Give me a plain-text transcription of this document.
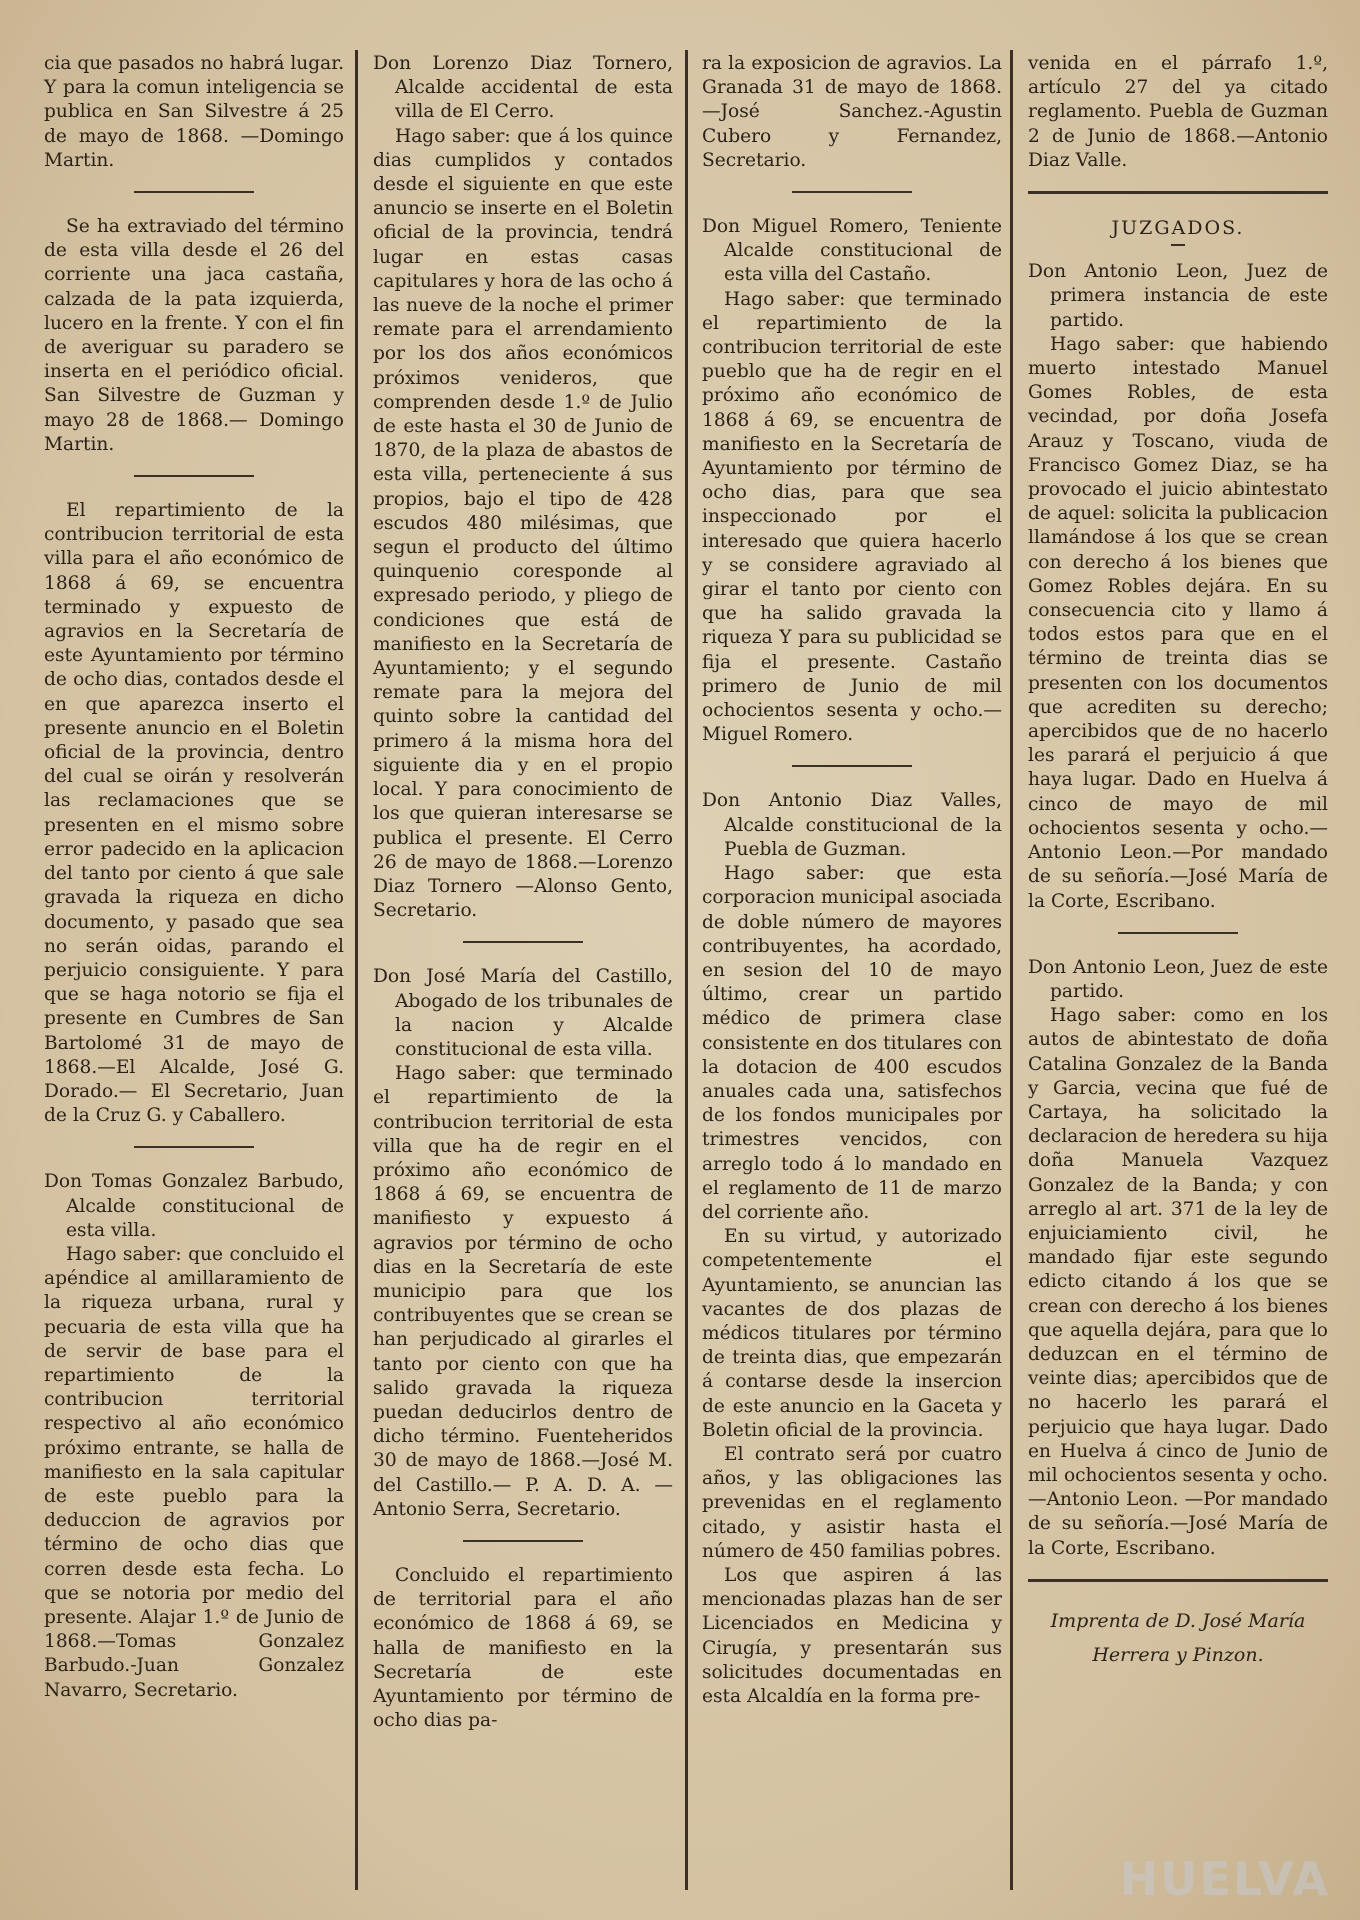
cia que pasados no habrá lugar. Y para la comun inteligencia se publica en San Silvestre á 25 de mayo de 1868. —Domingo Martin.

Se ha extraviado del término de esta villa desde el 26 del corriente una jaca castaña, calzada de la pata izquierda, lucero en la frente. Y con el fin de averiguar su paradero se inserta en el periódico oficial. San Silvestre de Guzman y mayo 28 de 1868.— Domingo Martin.

El repartimiento de la contribucion territorial de esta villa para el año económico de 1868 á 69, se encuentra terminado y expuesto de agravios en la Secretaría de este Ayuntamiento por término de ocho dias, contados desde el en que aparezca inserto el presente anuncio en el Boletin oficial de la provincia, dentro del cual se oirán y resolverán las reclamaciones que se presenten en el mismo sobre error padecido en la aplicacion del tanto por ciento á que sale gravada la riqueza en dicho documento, y pasado que sea no serán oidas, parando el perjuicio consiguiente. Y para que se haga notorio se fija el presente en Cumbres de San Bartolomé 31 de mayo de 1868.—El Alcalde, José G. Dorado.— El Secretario, Juan de la Cruz G. y Caballero.

Don Tomas Gonzalez Barbudo, Alcalde constitucional de esta villa.

Hago saber: que concluido el apéndice al amillaramiento de la riqueza urbana, rural y pecuaria de esta villa que ha de servir de base para el repartimiento de la contribucion territorial respectivo al año económico próximo entrante, se halla de manifiesto en la sala capitular de este pueblo para la deduccion de agravios por término de ocho dias que corren desde esta fecha. Lo que se notoria por medio del presente. Alajar 1.º de Junio de 1868.—Tomas Gonzalez Barbudo.-Juan Gonzalez Navarro, Secretario.

Don Lorenzo Diaz Tornero, Alcalde accidental de esta villa de El Cerro.

Hago saber: que á los quince dias cumplidos y contados desde el siguiente en que este anuncio se inserte en el Boletin oficial de la provincia, tendrá lugar en estas casas capitulares y hora de las ocho á las nueve de la noche el primer remate para el arrendamiento por los dos años económicos próximos venideros, que comprenden desde 1.º de Julio de este hasta el 30 de Junio de 1870, de la plaza de abastos de esta villa, perteneciente á sus propios, bajo el tipo de 428 escudos 480 milésimas, que segun el producto del último quinquenio coresponde al expresado periodo, y pliego de condiciones que está de manifiesto en la Secretaría de Ayuntamiento; y el segundo remate para la mejora del quinto sobre la cantidad del primero á la misma hora del siguiente dia y en el propio local. Y para conocimiento de los que quieran interesarse se publica el presente. El Cerro 26 de mayo de 1868.—Lorenzo Diaz Tornero —Alonso Gento, Secretario.

Don José María del Castillo, Abogado de los tribunales de la nacion y Alcalde constitucional de esta villa.

Hago saber: que terminado el repartimiento de la contribucion territorial de esta villa que ha de regir en el próximo año económico de 1868 á 69, se encuentra de manifiesto y expuesto á agravios por término de ocho dias en la Secretaría de este municipio para que los contribuyentes que se crean se han perjudicado al girarles el tanto por ciento con que ha salido gravada la riqueza puedan deducirlos dentro de dicho término. Fuenteheridos 30 de mayo de 1868.—José M. del Castillo.— P. A. D. A. —Antonio Serra, Secretario.

Concluido el repartimiento de territorial para el año económico de 1868 á 69, se halla de manifiesto en la Secretaría de este Ayuntamiento por término de ocho dias pa-

ra la exposicion de agravios. La Granada 31 de mayo de 1868.—José Sanchez.-Agustin Cubero y Fernandez, Secretario.

Don Miguel Romero, Teniente Alcalde constitucional de esta villa del Castaño.

Hago saber: que terminado el repartimiento de la contribucion territorial de este pueblo que ha de regir en el próximo año económico de 1868 á 69, se encuentra de manifiesto en la Secretaría de Ayuntamiento por término de ocho dias, para que sea inspeccionado por el interesado que quiera hacerlo y se considere agraviado al girar el tanto por ciento con que ha salido gravada la riqueza Y para su publicidad se fija el presente. Castaño primero de Junio de mil ochocientos sesenta y ocho.—Miguel Romero.

Don Antonio Diaz Valles, Alcalde constitucional de la Puebla de Guzman.

Hago saber: que esta corporacion municipal asociada de doble número de mayores contribuyentes, ha acordado, en sesion del 10 de mayo último, crear un partido médico de primera clase consistente en dos titulares con la dotacion de 400 escudos anuales cada una, satisfechos de los fondos municipales por trimestres vencidos, con arreglo todo á lo mandado en el reglamento de 11 de marzo del corriente año.

En su virtud, y autorizado competentemente el Ayuntamiento, se anuncian las vacantes de dos plazas de médicos titulares por término de treinta dias, que empezarán á contarse desde la insercion de este anuncio en la Gaceta y Boletin oficial de la provincia.

El contrato será por cuatro años, y las obligaciones las prevenidas en el reglamento citado, y asistir hasta el número de 450 familias pobres.

Los que aspiren á las mencionadas plazas han de ser Licenciados en Medicina y Cirugía, y presentarán sus solicitudes documentadas en esta Alcaldía en la forma pre-

venida en el párrafo 1.º, artículo 27 del ya citado reglamento. Puebla de Guzman 2 de Junio de 1868.—Antonio Diaz Valle.

JUZGADOS.

Don Antonio Leon, Juez de primera instancia de este partido.

Hago saber: que habiendo muerto intestado Manuel Gomes Robles, de esta vecindad, por doña Josefa Arauz y Toscano, viuda de Francisco Gomez Diaz, se ha provocado el juicio abintestato de aquel: solicita la publicacion llamándose á los que se crean con derecho á los bienes que Gomez Robles dejára. En su consecuencia cito y llamo á todos estos para que en el término de treinta dias se presenten con los documentos que acrediten su derecho; apercibidos que de no hacerlo les parará el perjuicio á que haya lugar. Dado en Huelva á cinco de mayo de mil ochocientos sesenta y ocho.—Antonio Leon.—Por mandado de su señoría.—José María de la Corte, Escribano.

Don Antonio Leon, Juez de este partido.

Hago saber: como en los autos de abintestato de doña Catalina Gonzalez de la Banda y Garcia, vecina que fué de Cartaya, ha solicitado la declaracion de heredera su hija doña Manuela Vazquez Gonzalez de la Banda; y con arreglo al art. 371 de la ley de enjuiciamiento civil, he mandado fijar este segundo edicto citando á los que se crean con derecho á los bienes que aquella dejára, para que lo deduzcan en el término de veinte dias; apercibidos que de no hacerlo les parará el perjuicio que haya lugar. Dado en Huelva á cinco de Junio de mil ochocientos sesenta y ocho. —Antonio Leon. —Por mandado de su señoría.—José María de la Corte, Escribano.

Imprenta de D. José María
Herrera y Pinzon.
HUELVA
